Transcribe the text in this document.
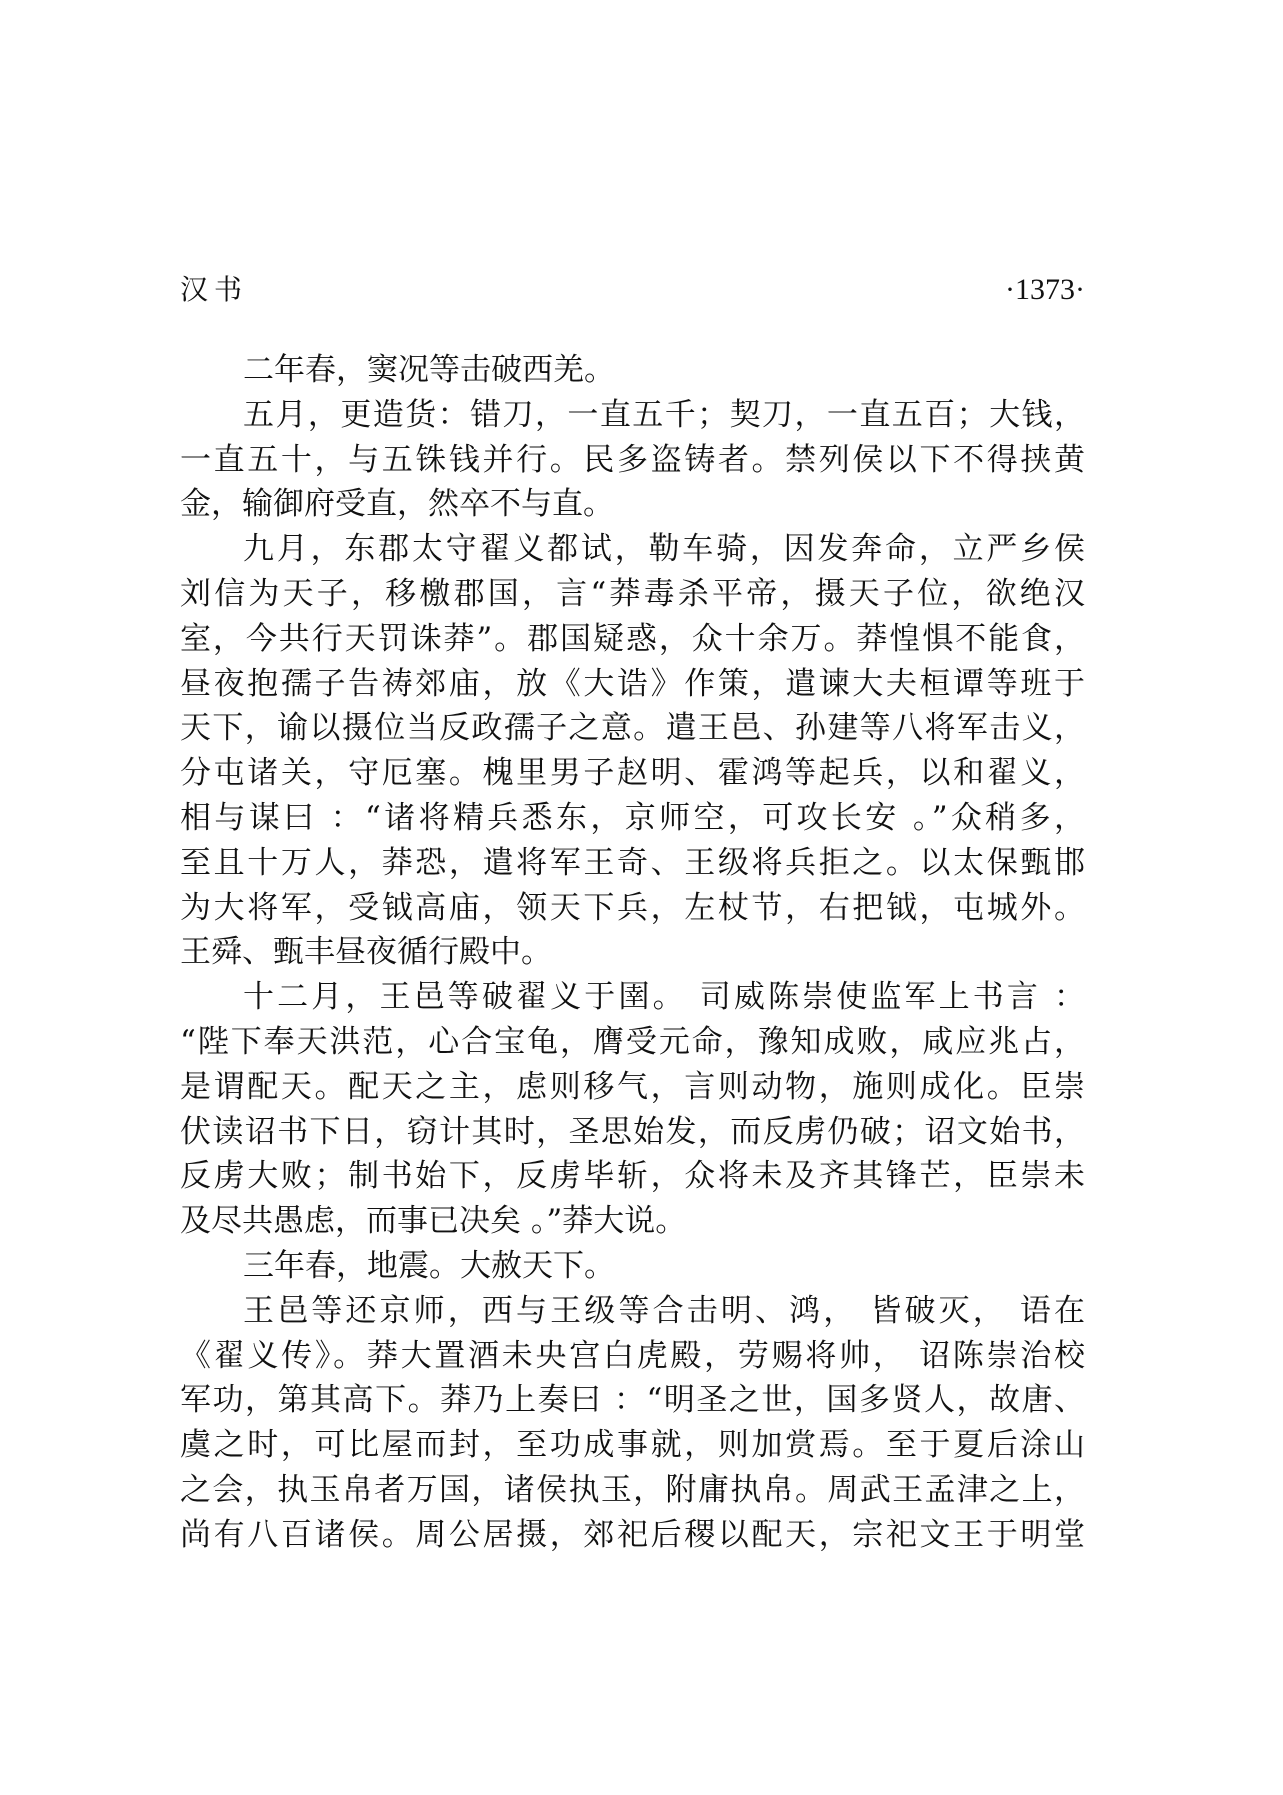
汉书	·1373·
二年春，窦况等击破西羌。
五月，更造货：错刀，一直五千；契刀，一直五百；大钱，
一直五十，与五铢钱并行。民多盗铸者。禁列侯以下不得挟黄
金，输御府受直，然卒不与直。
九月，东郡太守翟义都试，勒车骑，因发奔命，立严乡侯
刘信为天子，移檄郡国，言“莽毒杀平帝，摄天子位，欲绝汉
室，今共行天罚诛莽”。郡国疑惑，众十余万。莽惶惧不能食，
昼夜抱孺子告祷郊庙，放《大诰》作策，遣谏大夫桓谭等班于
天下，谕以摄位当反政孺子之意。遣王邑、孙建等八将军击义，
分屯诸关，守厄塞。槐里男子赵明、霍鸿等起兵，以和翟义，
相与谋曰 ：“诸将精兵悉东，京师空，可攻长安 。”众稍多，
至且十万人，莽恐，遣将军王奇、王级将兵拒之。以太保甄邯
为大将军，受钺高庙，领天下兵，左杖节，右把钺，屯城外。
王舜、甄丰昼夜循行殿中。
十二月，王邑等破翟义于圉。 司威陈崇使监军上书言 ：
“陛下奉天洪范，心合宝龟，膺受元命，豫知成败，咸应兆占，
是谓配天。配天之主，虑则移气，言则动物，施则成化。臣崇
伏读诏书下日，窃计其时，圣思始发，而反虏仍破；诏文始书，
反虏大败；制书始下，反虏毕斩，众将未及齐其锋芒，臣崇未
及尽共愚虑，而事已决矣 。”莽大说。
三年春，地震。大赦天下。
王邑等还京师，西与王级等合击明、鸿， 皆破灭， 语在
《翟义传》。莽大置酒未央宫白虎殿，劳赐将帅， 诏陈崇治校
军功，第其高下。莽乃上奏曰 ：“明圣之世，国多贤人，故唐、
虞之时，可比屋而封，至功成事就，则加赏焉。至于夏后涂山
之会，执玉帛者万国，诸侯执玉，附庸执帛。周武王孟津之上，
尚有八百诸侯。周公居摄，郊祀后稷以配天，宗祀文王于明堂
